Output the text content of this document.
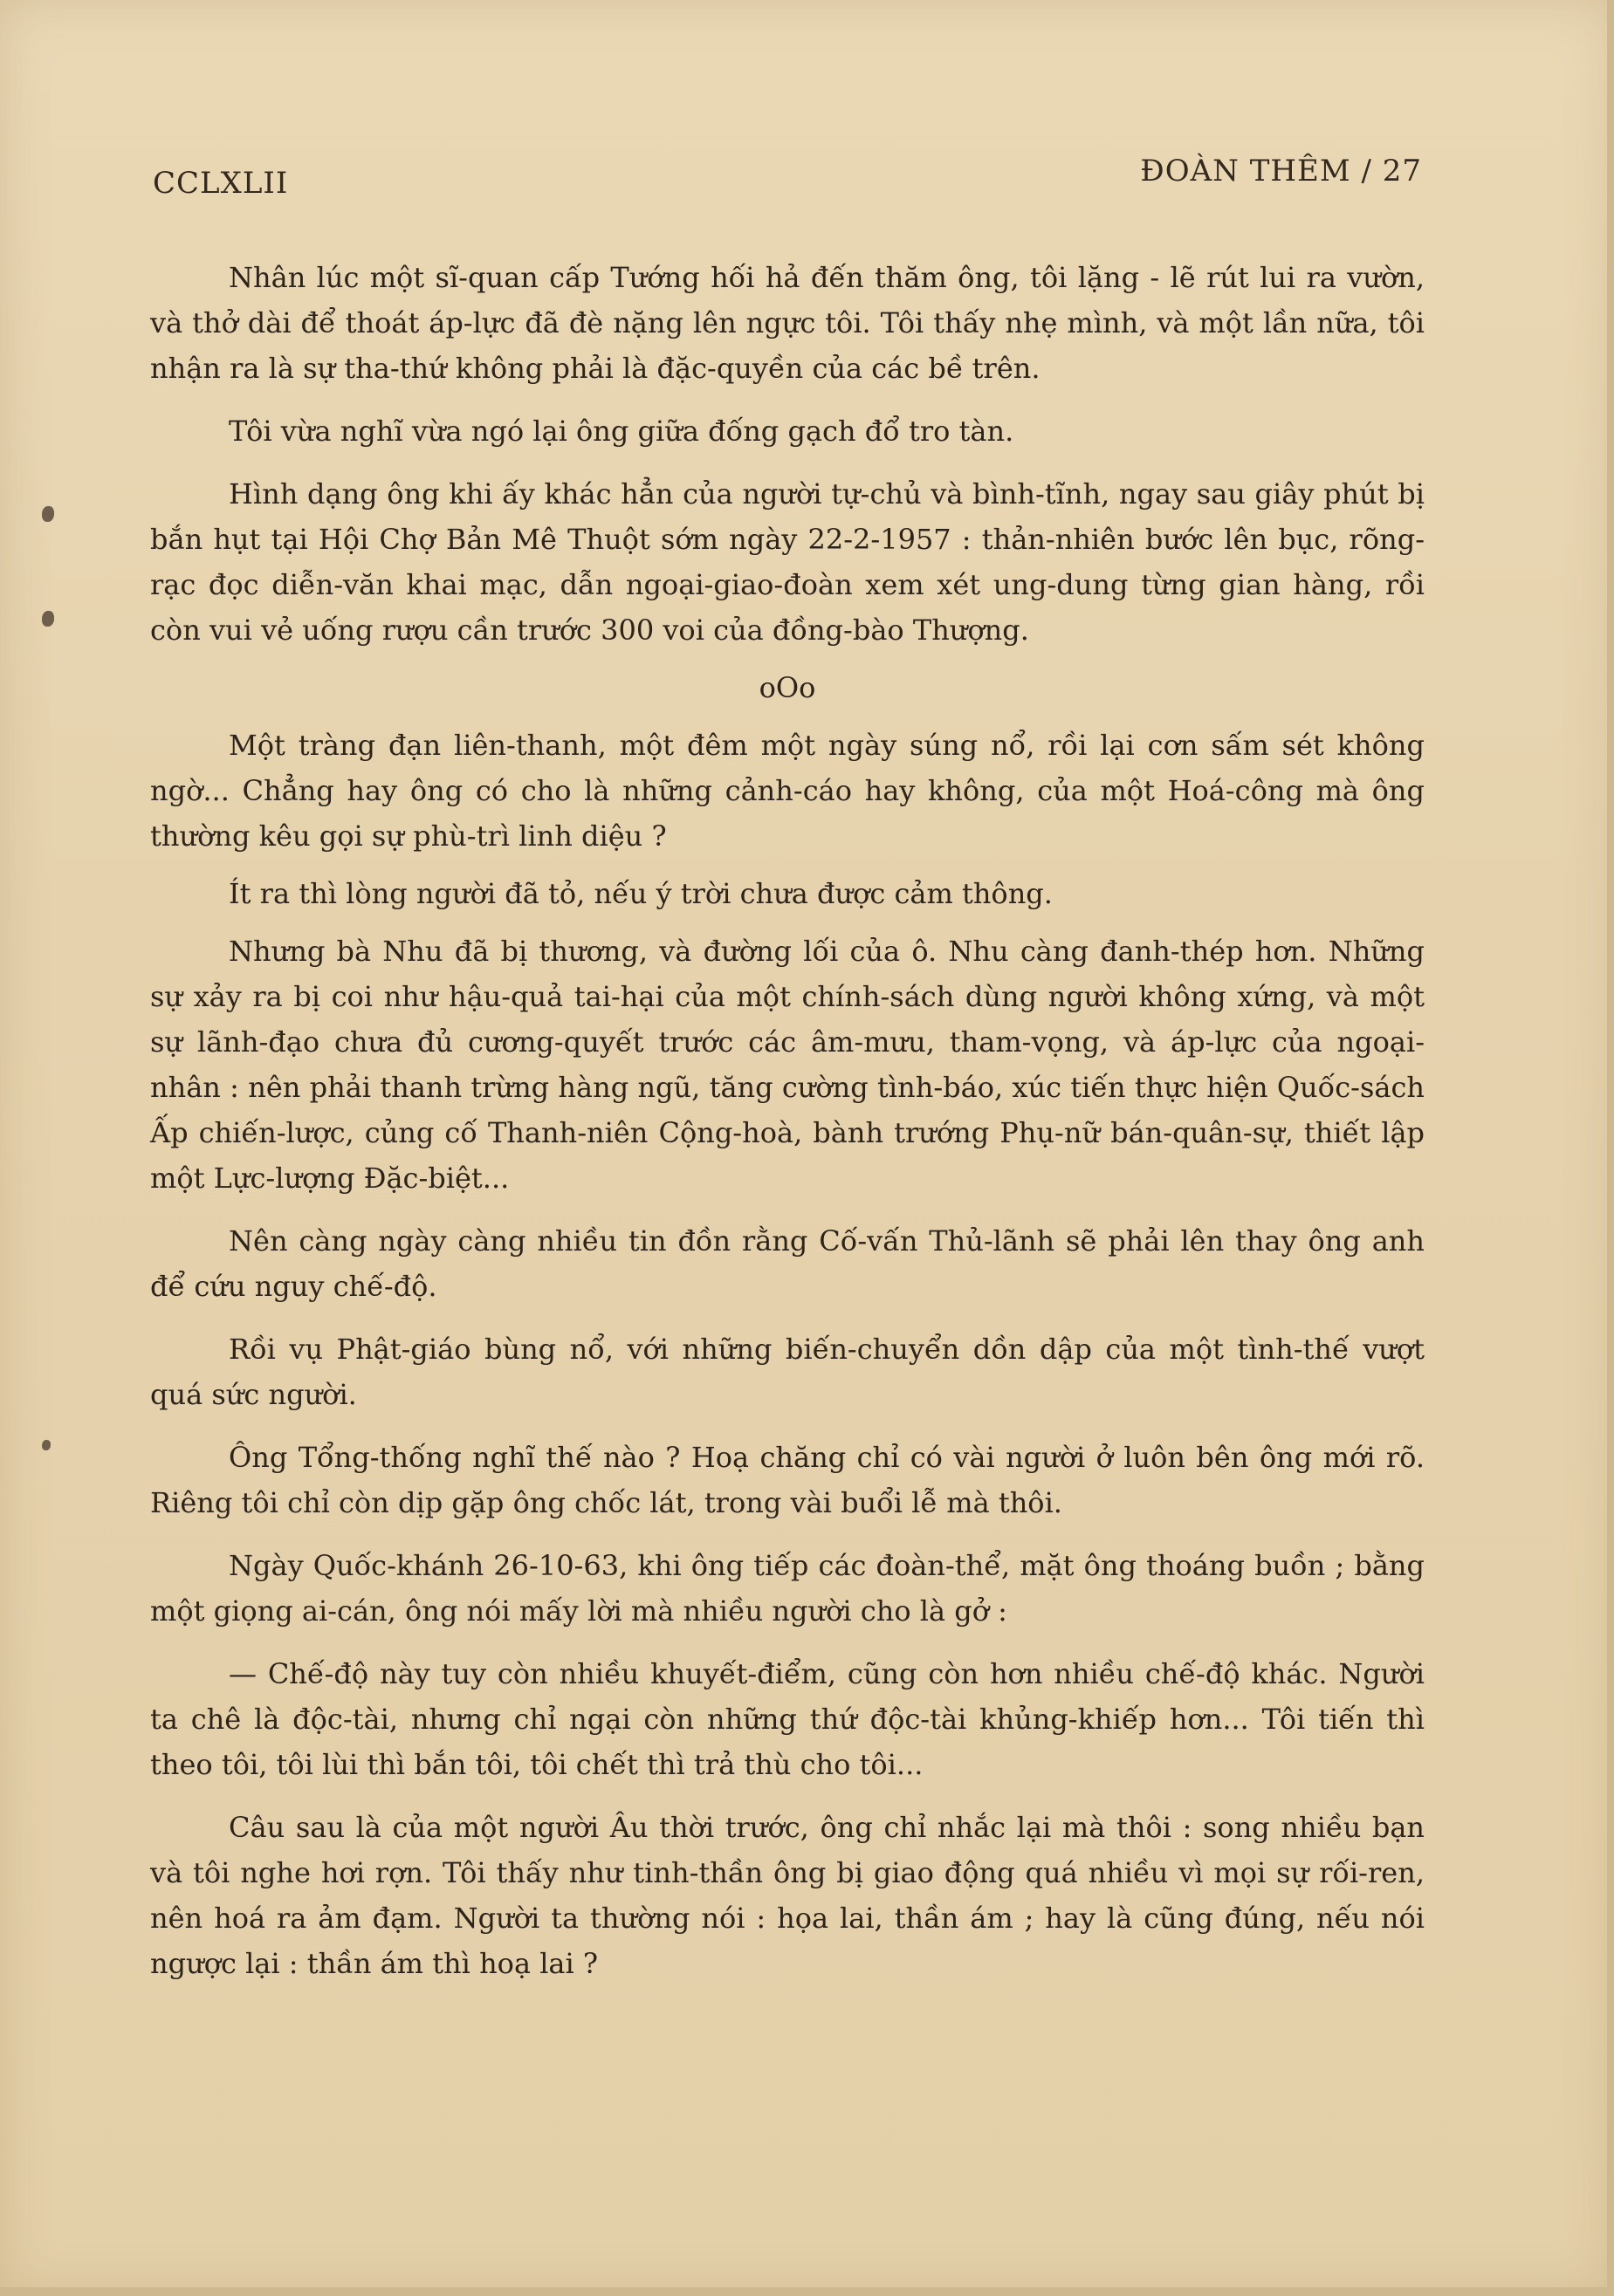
CCLXLII	ĐOÀN THÊM / 27

Nhân lúc một sĩ-quan cấp Tướng hối hả đến thăm ông, tôi lặng - lẽ rút lui ra vườn, và thở dài để thoát áp-lực đã đè nặng lên ngực tôi. Tôi thấy nhẹ mình, và một lần nữa, tôi nhận ra là sự tha-thứ không phải là đặc-quyền của các bề trên.

Tôi vừa nghĩ vừa ngó lại ông giữa đống gạch đổ tro tàn.

Hình dạng ông khi ấy khác hẳn của người tự-chủ và bình-tĩnh, ngay sau giây phút bị bắn hụt tại Hội Chợ Bản Mê Thuột sớm ngày 22-2-1957 : thản-nhiên bước lên bục, rõng-rạc đọc diễn-văn khai mạc, dẫn ngoại-giao-đoàn xem xét ung-dung từng gian hàng, rồi còn vui vẻ uống rượu cần trước 300 voi của đồng-bào Thượng.

oOo

Một tràng đạn liên-thanh, một đêm một ngày súng nổ, rồi lại cơn sấm sét không ngờ... Chẳng hay ông có cho là những cảnh-cáo hay không, của một Hoá-công mà ông thường kêu gọi sự phù-trì linh diệu ?

Ít ra thì lòng người đã tỏ, nếu ý trời chưa được cảm thông.

Nhưng bà Nhu đã bị thương, và đường lối của ô. Nhu càng đanh-thép hơn. Những sự xảy ra bị coi như hậu-quả tai-hại của một chính-sách dùng người không xứng, và một sự lãnh-đạo chưa đủ cương-quyết trước các âm-mưu, tham-vọng, và áp-lực của ngoại-nhân : nên phải thanh trừng hàng ngũ, tăng cường tình-báo, xúc tiến thực hiện Quốc-sách Ấp chiến-lược, củng cố Thanh-niên Cộng-hoà, bành trướng Phụ-nữ bán-quân-sự, thiết lập một Lực-lượng Đặc-biệt...

Nên càng ngày càng nhiều tin đồn rằng Cố-vấn Thủ-lãnh sẽ phải lên thay ông anh để cứu nguy chế-độ.

Rồi vụ Phật-giáo bùng nổ, với những biến-chuyển dồn dập của một tình-thế vượt quá sức người.

Ông Tổng-thống nghĩ thế nào ? Hoạ chăng chỉ có vài người ở luôn bên ông mới rõ. Riêng tôi chỉ còn dịp gặp ông chốc lát, trong vài buổi lễ mà thôi.

Ngày Quốc-khánh 26-10-63, khi ông tiếp các đoàn-thể, mặt ông thoáng buồn ; bằng một giọng ai-cán, ông nói mấy lời mà nhiều người cho là gở :

— Chế-độ này tuy còn nhiều khuyết-điểm, cũng còn hơn nhiều chế-độ khác. Người ta chê là độc-tài, nhưng chỉ ngại còn những thứ độc-tài khủng-khiếp hơn... Tôi tiến thì theo tôi, tôi lùi thì bắn tôi, tôi chết thì trả thù cho tôi...

Câu sau là của một người Âu thời trước, ông chỉ nhắc lại mà thôi : song nhiều bạn và tôi nghe hơi rợn. Tôi thấy như tinh-thần ông bị giao động quá nhiều vì mọi sự rối-ren, nên hoá ra ảm đạm. Người ta thường nói : họa lai, thần ám ; hay là cũng đúng, nếu nói ngược lại : thần ám thì hoạ lai ?
